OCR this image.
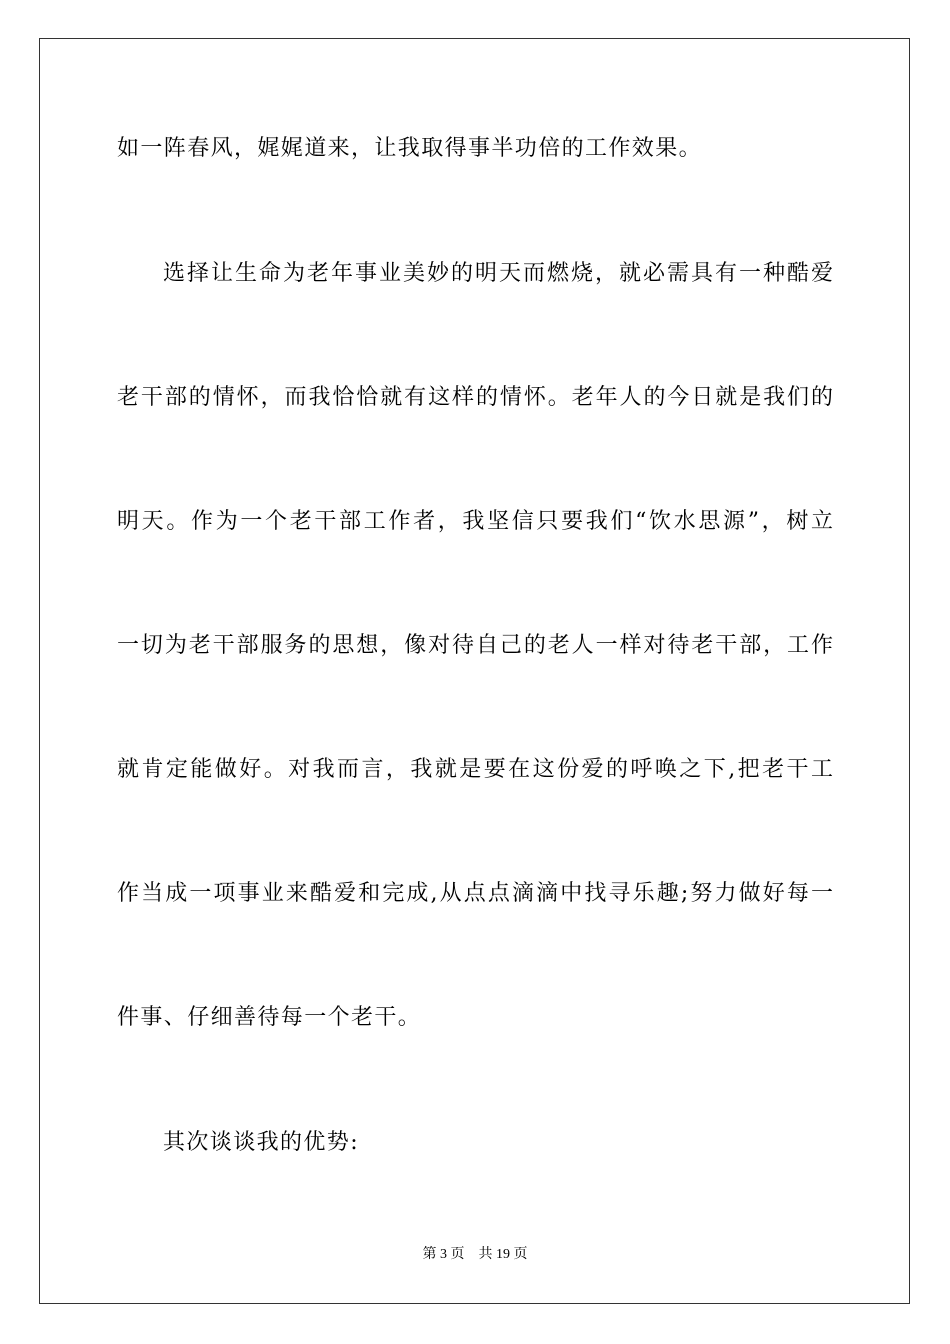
如一阵春风，娓娓道来，让我取得事半功倍的工作效果。
选择让生命为老年事业美妙的明天而燃烧，就必需具有一种酷爱
老干部的情怀，而我恰恰就有这样的情怀。老年人的今日就是我们的
明天。作为一个老干部工作者，我坚信只要我们“饮水思源”，树立
一切为老干部服务的思想，像对待自己的老人一样对待老干部，工作
就肯定能做好。对我而言，我就是要在这份爱的呼唤之下,把老干工
作当成一项事业来酷爱和完成,从点点滴滴中找寻乐趣;努力做好每一
件事、仔细善待每一个老干。
其次谈谈我的优势:
第 3 页    共 19 页
